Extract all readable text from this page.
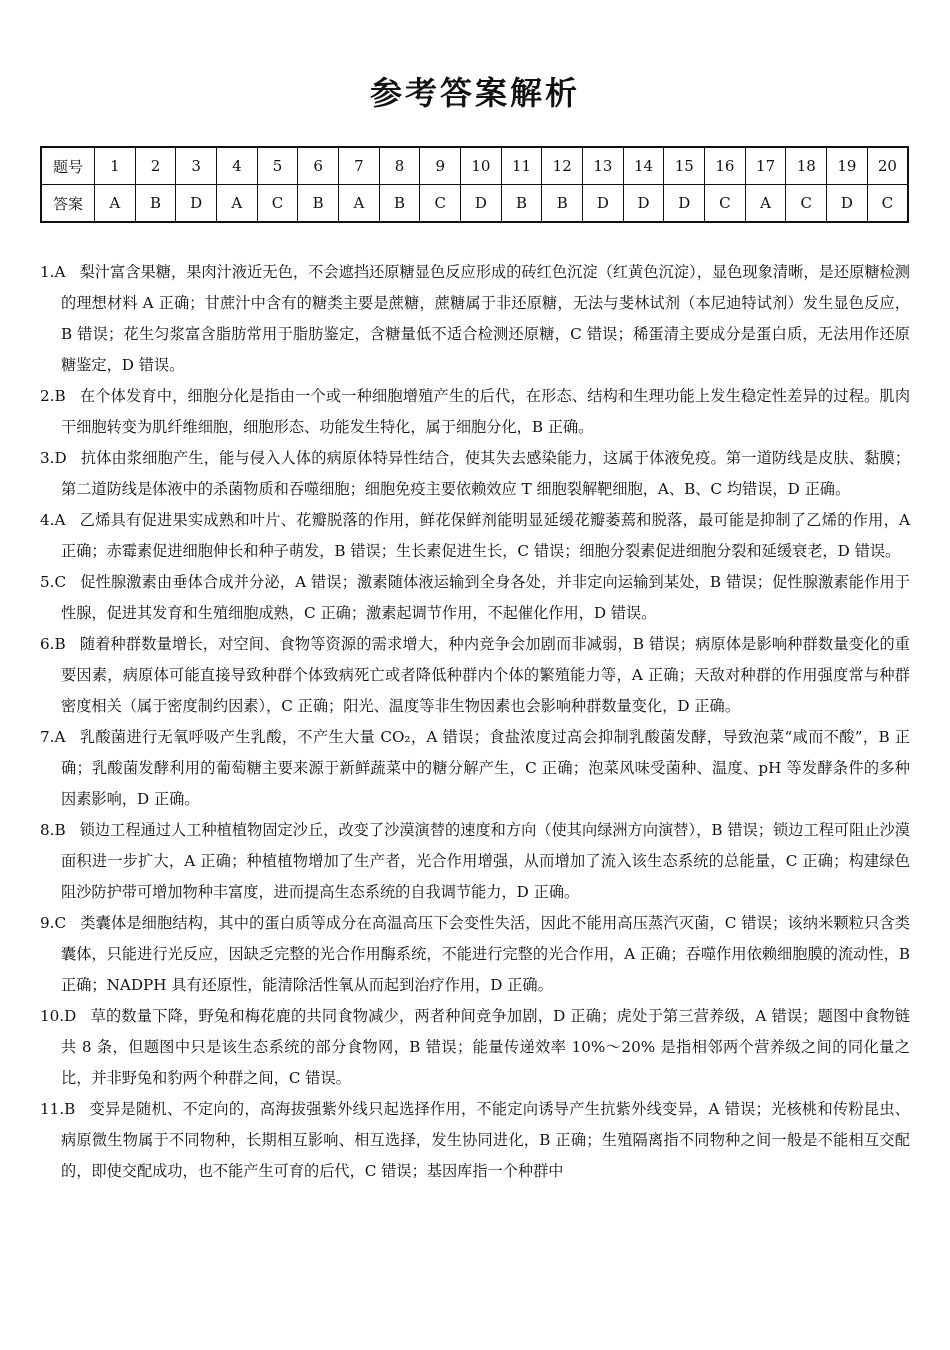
参考答案解析
题号	1	2	3	4	5	6	7	8	9	10	11	12	13	14	15	16	17	18	19	20
答案	A	B	D	A	C	B	A	B	C	D	B	B	D	D	D	C	A	C	D	C

1.A 梨汁富含果糖，果肉汁液近无色，不会遮挡还原糖显色反应形成的砖红色沉淀（红黄色沉淀），显色现象清晰，是还原糖检测的理想材料 A 正确；甘蔗汁中含有的糖类主要是蔗糖，蔗糖属于非还原糖，无法与斐林试剂（本尼迪特试剂）发生显色反应，B 错误；花生匀浆富含脂肪常用于脂肪鉴定，含糖量低不适合检测还原糖，C 错误；稀蛋清主要成分是蛋白质，无法用作还原糖鉴定，D 错误。

2.B 在个体发育中，细胞分化是指由一个或一种细胞增殖产生的后代，在形态、结构和生理功能上发生稳定性差异的过程。肌肉干细胞转变为肌纤维细胞，细胞形态、功能发生特化，属于细胞分化，B 正确。

3.D 抗体由浆细胞产生，能与侵入人体的病原体特异性结合，使其失去感染能力，这属于体液免疫。第一道防线是皮肤、黏膜；第二道防线是体液中的杀菌物质和吞噬细胞；细胞免疫主要依赖效应 T 细胞裂解靶细胞，A、B、C 均错误，D 正确。

4.A 乙烯具有促进果实成熟和叶片、花瓣脱落的作用，鲜花保鲜剂能明显延缓花瓣萎蔫和脱落，最可能是抑制了乙烯的作用，A 正确；赤霉素促进细胞伸长和种子萌发，B 错误；生长素促进生长，C 错误；细胞分裂素促进细胞分裂和延缓衰老，D 错误。

5.C 促性腺激素由垂体合成并分泌，A 错误；激素随体液运输到全身各处，并非定向运输到某处，B 错误；促性腺激素能作用于性腺，促进其发育和生殖细胞成熟，C 正确；激素起调节作用，不起催化作用，D 错误。

6.B 随着种群数量增长，对空间、食物等资源的需求增大，种内竞争会加剧而非减弱，B 错误；病原体是影响种群数量变化的重要因素，病原体可能直接导致种群个体致病死亡或者降低种群内个体的繁殖能力等，A 正确；天敌对种群的作用强度常与种群密度相关（属于密度制约因素），C 正确；阳光、温度等非生物因素也会影响种群数量变化，D 正确。

7.A 乳酸菌进行无氧呼吸产生乳酸，不产生大量 CO₂，A 错误；食盐浓度过高会抑制乳酸菌发酵，导致泡菜“咸而不酸”，B 正确；乳酸菌发酵利用的葡萄糖主要来源于新鲜蔬菜中的糖分解产生，C 正确；泡菜风味受菌种、温度、pH 等发酵条件的多种因素影响，D 正确。

8.B 锁边工程通过人工种植植物固定沙丘，改变了沙漠演替的速度和方向（使其向绿洲方向演替），B 错误；锁边工程可阻止沙漠面积进一步扩大，A 正确；种植植物增加了生产者，光合作用增强，从而增加了流入该生态系统的总能量，C 正确；构建绿色阻沙防护带可增加物种丰富度，进而提高生态系统的自我调节能力，D 正确。

9.C 类囊体是细胞结构，其中的蛋白质等成分在高温高压下会变性失活，因此不能用高压蒸汽灭菌，C 错误；该纳米颗粒只含类囊体，只能进行光反应，因缺乏完整的光合作用酶系统，不能进行完整的光合作用，A 正确；吞噬作用依赖细胞膜的流动性，B 正确；NADPH 具有还原性，能清除活性氧从而起到治疗作用，D 正确。

10.D 草的数量下降，野兔和梅花鹿的共同食物减少，两者种间竞争加剧，D 正确；虎处于第三营养级，A 错误；题图中食物链共 8 条，但题图中只是该生态系统的部分食物网，B 错误；能量传递效率 10%～20% 是指相邻两个营养级之间的同化量之比，并非野兔和豹两个种群之间，C 错误。

11.B 变异是随机、不定向的，高海拔强紫外线只起选择作用，不能定向诱导产生抗紫外线变异，A 错误；光核桃和传粉昆虫、病原微生物属于不同物种，长期相互影响、相互选择，发生协同进化，B 正确；生殖隔离指不同物种之间一般是不能相互交配的，即使交配成功，也不能产生可育的后代，C 错误；基因库指一个种群中
